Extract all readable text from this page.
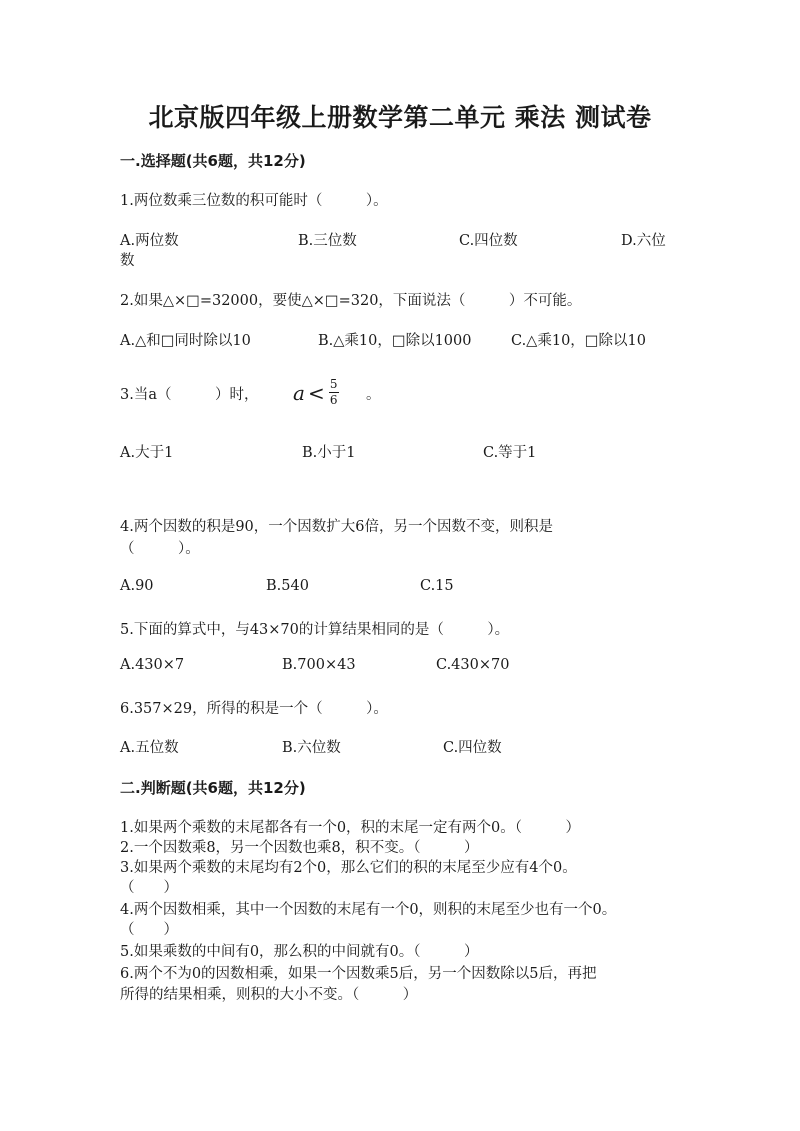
北京版四年级上册数学第二单元 乘法 测试卷
一.选择题(共6题，共12分)
1.两位数乘三位数的积可能时（　　　）。
A.两位数	B.三位数	C.四位数	D.六位
数
2.如果△×□=32000，要使△×□=320，下面说法（　　　）不可能。
A.△和□同时除以10	B.△乘10，□除以1000	C.△乘10，□除以10
3.当a（　　　）时， $a < \frac{5}{6}$ 。
A.大于1	B.小于1	C.等于1
4.两个因数的积是90，一个因数扩大6倍，另一个因数不变，则积是
（　　　）。
A.90	B.540	C.15
5.下面的算式中，与43×70的计算结果相同的是（　　　）。
A.430×7	B.700×43	C.430×70
6.357×29，所得的积是一个（　　　）。
A.五位数	B.六位数	C.四位数
二.判断题(共6题，共12分)
1.如果两个乘数的末尾都各有一个0，积的末尾一定有两个0。（　　　）
2.一个因数乘8，另一个因数也乘8，积不变。（　　　）
3.如果两个乘数的末尾均有2个0，那么它们的积的末尾至少应有4个0。
（　　）
4.两个因数相乘，其中一个因数的末尾有一个0，则积的末尾至少也有一个0。
（　　）
5.如果乘数的中间有0，那么积的中间就有0。（　　　）
6.两个不为0的因数相乘，如果一个因数乘5后，另一个因数除以5后，再把
所得的结果相乘，则积的大小不变。（　　　）
